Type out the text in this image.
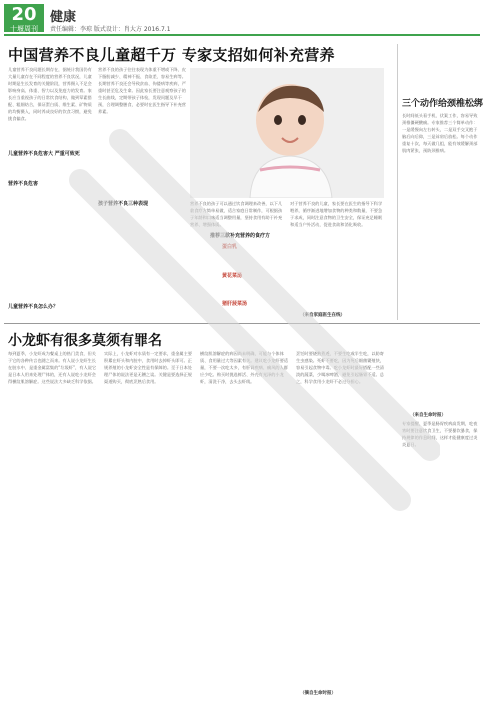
20
十堰周刊
健康
责任编辑：李琼 版式设计：肖大方 2016.7.1
中国营养不良儿童超千万 专家支招如何补充营养
儿童营养不良问题长期存在，据统计我国仍有大量儿童存在不同程度的营养不良状况，儿童时期是生长发育的关键阶段，营养摄入不足会影响身高、体重、智力以及免疫力的发育。家长应当重视孩子的日常饮食结构，做到荤素搭配、粗细结合，保证蛋白质、维生素、矿物质的均衡摄入，同时养成良好的饮食习惯，避免挑食偏食。
儿童营养不良危害大 严重可致死
营养不良危害
儿童营养不良怎么办？
营养不良的孩子往往表现为体重不增或下降、皮下脂肪减少、精神不振、食欲差、容易生病等。长期营养不良还会导致贫血、佝偻病等疾病，严重时甚至危及生命。因此家长要注意观察孩子的生长曲线，定期带孩子体检，发现问题及早干预，合理调整膳食，必要时在医生指导下补充营养素。
孩子营养不良三种表现
推荐三款补充营养的食疗方
蛋白乳
黄花菜汤
猪肝菠菜汤
营养不良的孩子可以通过饮食调理来改善，以下几款食疗方简单易做，适合家庭日常制作，可根据孩子年龄和口味适当调整用量，坚持食用有助于补充营养、增强体质。
对于营养不良的儿童，家长要在医生的指导下科学喂养，循序渐进地增加食物的种类和数量，不要急于求成，同时注意食物的卫生安全，保证充足睡眠和适当户外活动，促进食欲和消化吸收。
（来自家庭医生在线）
三个动作给颈椎松绑
长时间低头看手机、伏案工作，容易导致颈椎僵硬酸痛。专家推荐三个简单动作：一是缓慢向左右转头，二是双手交叉抱于脑后向后仰，三是耸肩后放松。每个动作重复十次，每天做几组，能有效缓解颈部肌肉紧张，预防颈椎病。
（来自生命时报）
小龙虾有很多莫须有罪名
每到夏季，小龙虾成为餐桌上的热门美食，但关于它的各种传言也随之而来。有人说小龙虾生长在脏水中、是重金属富集的“垃圾虾”，有人说它是日本人用来处理尸体的，还有人说吃小龙虾会得横纹肌溶解症。这些说法大多缺乏科学依据。
实际上，小龙虾对水质有一定要求，重金属主要积累在虾头和内脏中，食用时去掉虾头即可。正规养殖的小龙虾安全性是有保障的。至于日本处理尸体的说法更是无稽之谈。关键是要选择正规渠道购买，彻底烹熟后食用。
横纹肌溶解症的病因尚未明确，可能与个体体质、食用量过大等因素有关。建议吃小龙虾要适量，不要一次吃太多，有肝肾疾病、痛风的人群应少吃。购买时挑选鲜活、外壳有光泽的小龙虾，清洗干净，去头去虾线。
烹饪时要烧熟煮透，不要生吃或半生吃，以防寄生虫感染。死虾不要吃，因为死后细菌繁殖快，容易引起食物中毒。吃小龙虾时最好搭配一些清淡的蔬菜，少喝冰啤酒，避免引起肠胃不适。总之，科学食用小龙虾不必过分担心。
专家提醒，夏季是肠胃疾病高发期，吃夜宵时要注意饮食卫生，不要暴饮暴食，保持规律的作息时间，这样才能健康度过炎炎夏日。
（摘自生命时报）
